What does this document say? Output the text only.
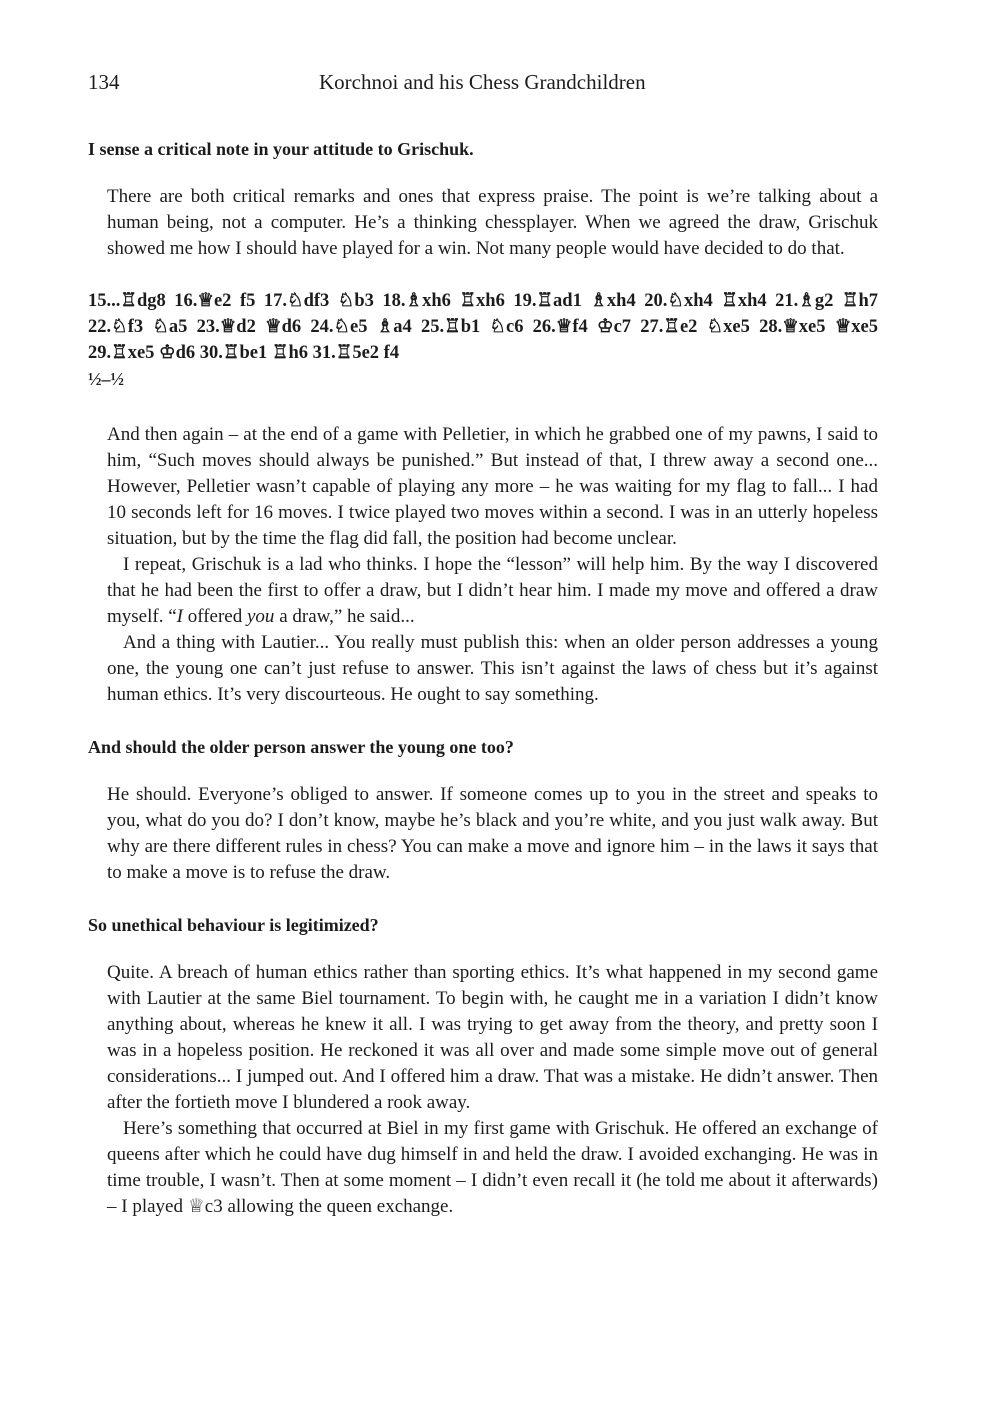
134	Korchnoi and his Chess Grandchildren

I sense a critical note in your attitude to Grischuk.

There are both critical remarks and ones that express praise. The point is we’re talking about a human being, not a computer. He’s a thinking chessplayer. When we agreed the draw, Grischuk showed me how I should have played for a win. Not many people would have decided to do that.

15...♖dg8 16.♕e2 f5 17.♘df3 ♘b3 18.♗xh6 ♖xh6 19.♖ad1 ♗xh4 20.♘xh4 ♖xh4 21.♗g2 ♖h7 22.♘f3 ♘a5 23.♕d2 ♕d6 24.♘e5 ♗a4 25.♖b1 ♘c6 26.♕f4 ♔c7 27.♖e2 ♘xe5 28.♕xe5 ♕xe5 29.♖xe5 ♔d6 30.♖be1 ♖h6 31.♖5e2 f4

½–½

And then again – at the end of a game with Pelletier, in which he grabbed one of my pawns, I said to him, “Such moves should always be punished.” But instead of that, I threw away a second one... However, Pelletier wasn’t capable of playing any more – he was waiting for my flag to fall... I had 10 seconds left for 16 moves. I twice played two moves within a second. I was in an utterly hopeless situation, but by the time the flag did fall, the position had become unclear.

I repeat, Grischuk is a lad who thinks. I hope the “lesson” will help him. By the way I discovered that he had been the first to offer a draw, but I didn’t hear him. I made my move and offered a draw myself. “I offered you a draw,” he said...

And a thing with Lautier... You really must publish this: when an older person addresses a young one, the young one can’t just refuse to answer. This isn’t against the laws of chess but it’s against human ethics. It’s very discourteous. He ought to say something.

And should the older person answer the young one too?

He should. Everyone’s obliged to answer. If someone comes up to you in the street and speaks to you, what do you do? I don’t know, maybe he’s black and you’re white, and you just walk away. But why are there different rules in chess? You can make a move and ignore him – in the laws it says that to make a move is to refuse the draw.

So unethical behaviour is legitimized?

Quite. A breach of human ethics rather than sporting ethics. It’s what happened in my second game with Lautier at the same Biel tournament. To begin with, he caught me in a variation I didn’t know anything about, whereas he knew it all. I was trying to get away from the theory, and pretty soon I was in a hopeless position. He reckoned it was all over and made some simple move out of general considerations... I jumped out. And I offered him a draw. That was a mistake. He didn’t answer. Then after the fortieth move I blundered a rook away.

Here’s something that occurred at Biel in my first game with Grischuk. He offered an exchange of queens after which he could have dug himself in and held the draw. I avoided exchanging. He was in time trouble, I wasn’t. Then at some moment – I didn’t even recall it (he told me about it afterwards) – I played ♕c3 allowing the queen exchange.
